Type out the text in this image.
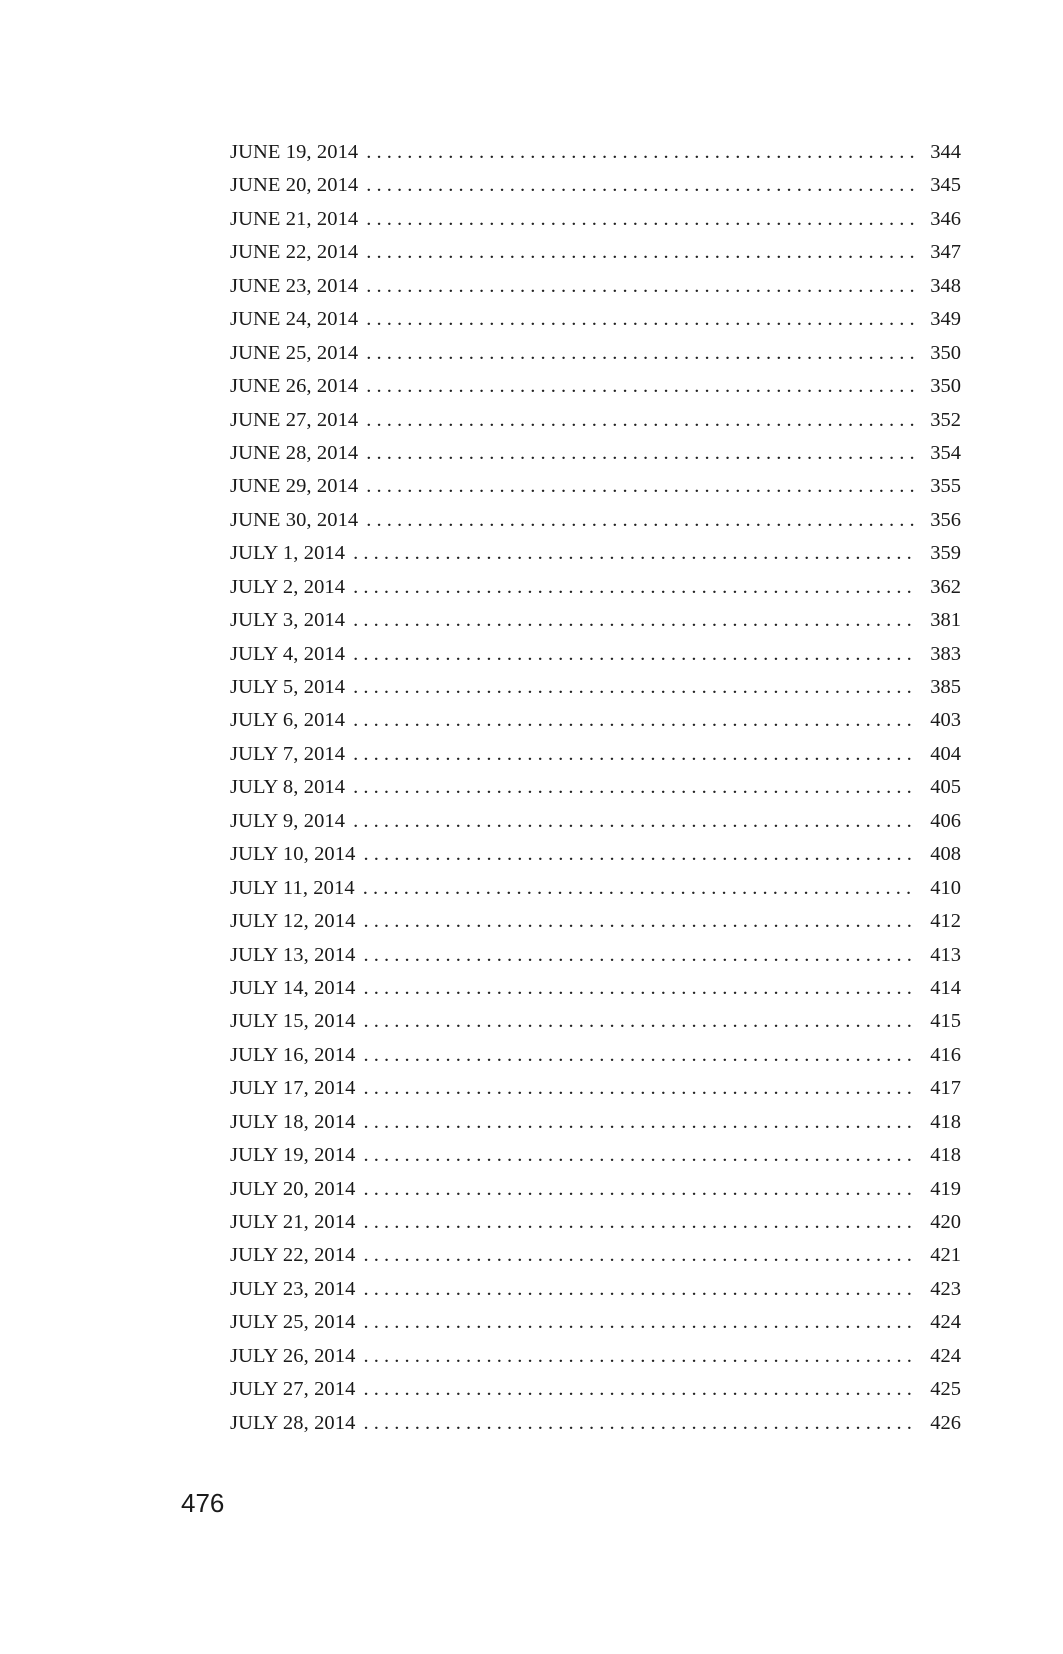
JUNE 19, 2014 . . .	344
JUNE 20, 2014 . . .	345
JUNE 21, 2014 . . .	346
JUNE 22, 2014 . . .	347
JUNE 23, 2014 . . .	348
JUNE 24, 2014 . . .	349
JUNE 25, 2014 . . .	350
JUNE 26, 2014 . . .	350
JUNE 27, 2014 . . .	352
JUNE 28, 2014 . . .	354
JUNE 29, 2014 . . .	355
JUNE 30, 2014 . . .	356
JULY 1, 2014 . . .	359
JULY 2, 2014 . . .	362
JULY 3, 2014 . . .	381
JULY 4, 2014 . . .	383
JULY 5, 2014 . . .	385
JULY 6, 2014 . . .	403
JULY 7, 2014 . . .	404
JULY 8, 2014 . . .	405
JULY 9, 2014 . . .	406
JULY 10, 2014 . . .	408
JULY 11, 2014 . . .	410
JULY 12, 2014 . . .	412
JULY 13, 2014 . . .	413
JULY 14, 2014 . . .	414
JULY 15, 2014 . . .	415
JULY 16, 2014 . . .	416
JULY 17, 2014 . . .	417
JULY 18, 2014 . . .	418
JULY 19, 2014 . . .	418
JULY 20, 2014 . . .	419
JULY 21, 2014 . . .	420
JULY 22, 2014 . . .	421
JULY 23, 2014 . . .	423
JULY 25, 2014 . . .	424
JULY 26, 2014 . . .	424
JULY 27, 2014 . . .	425
JULY 28, 2014 . . .	426
476
